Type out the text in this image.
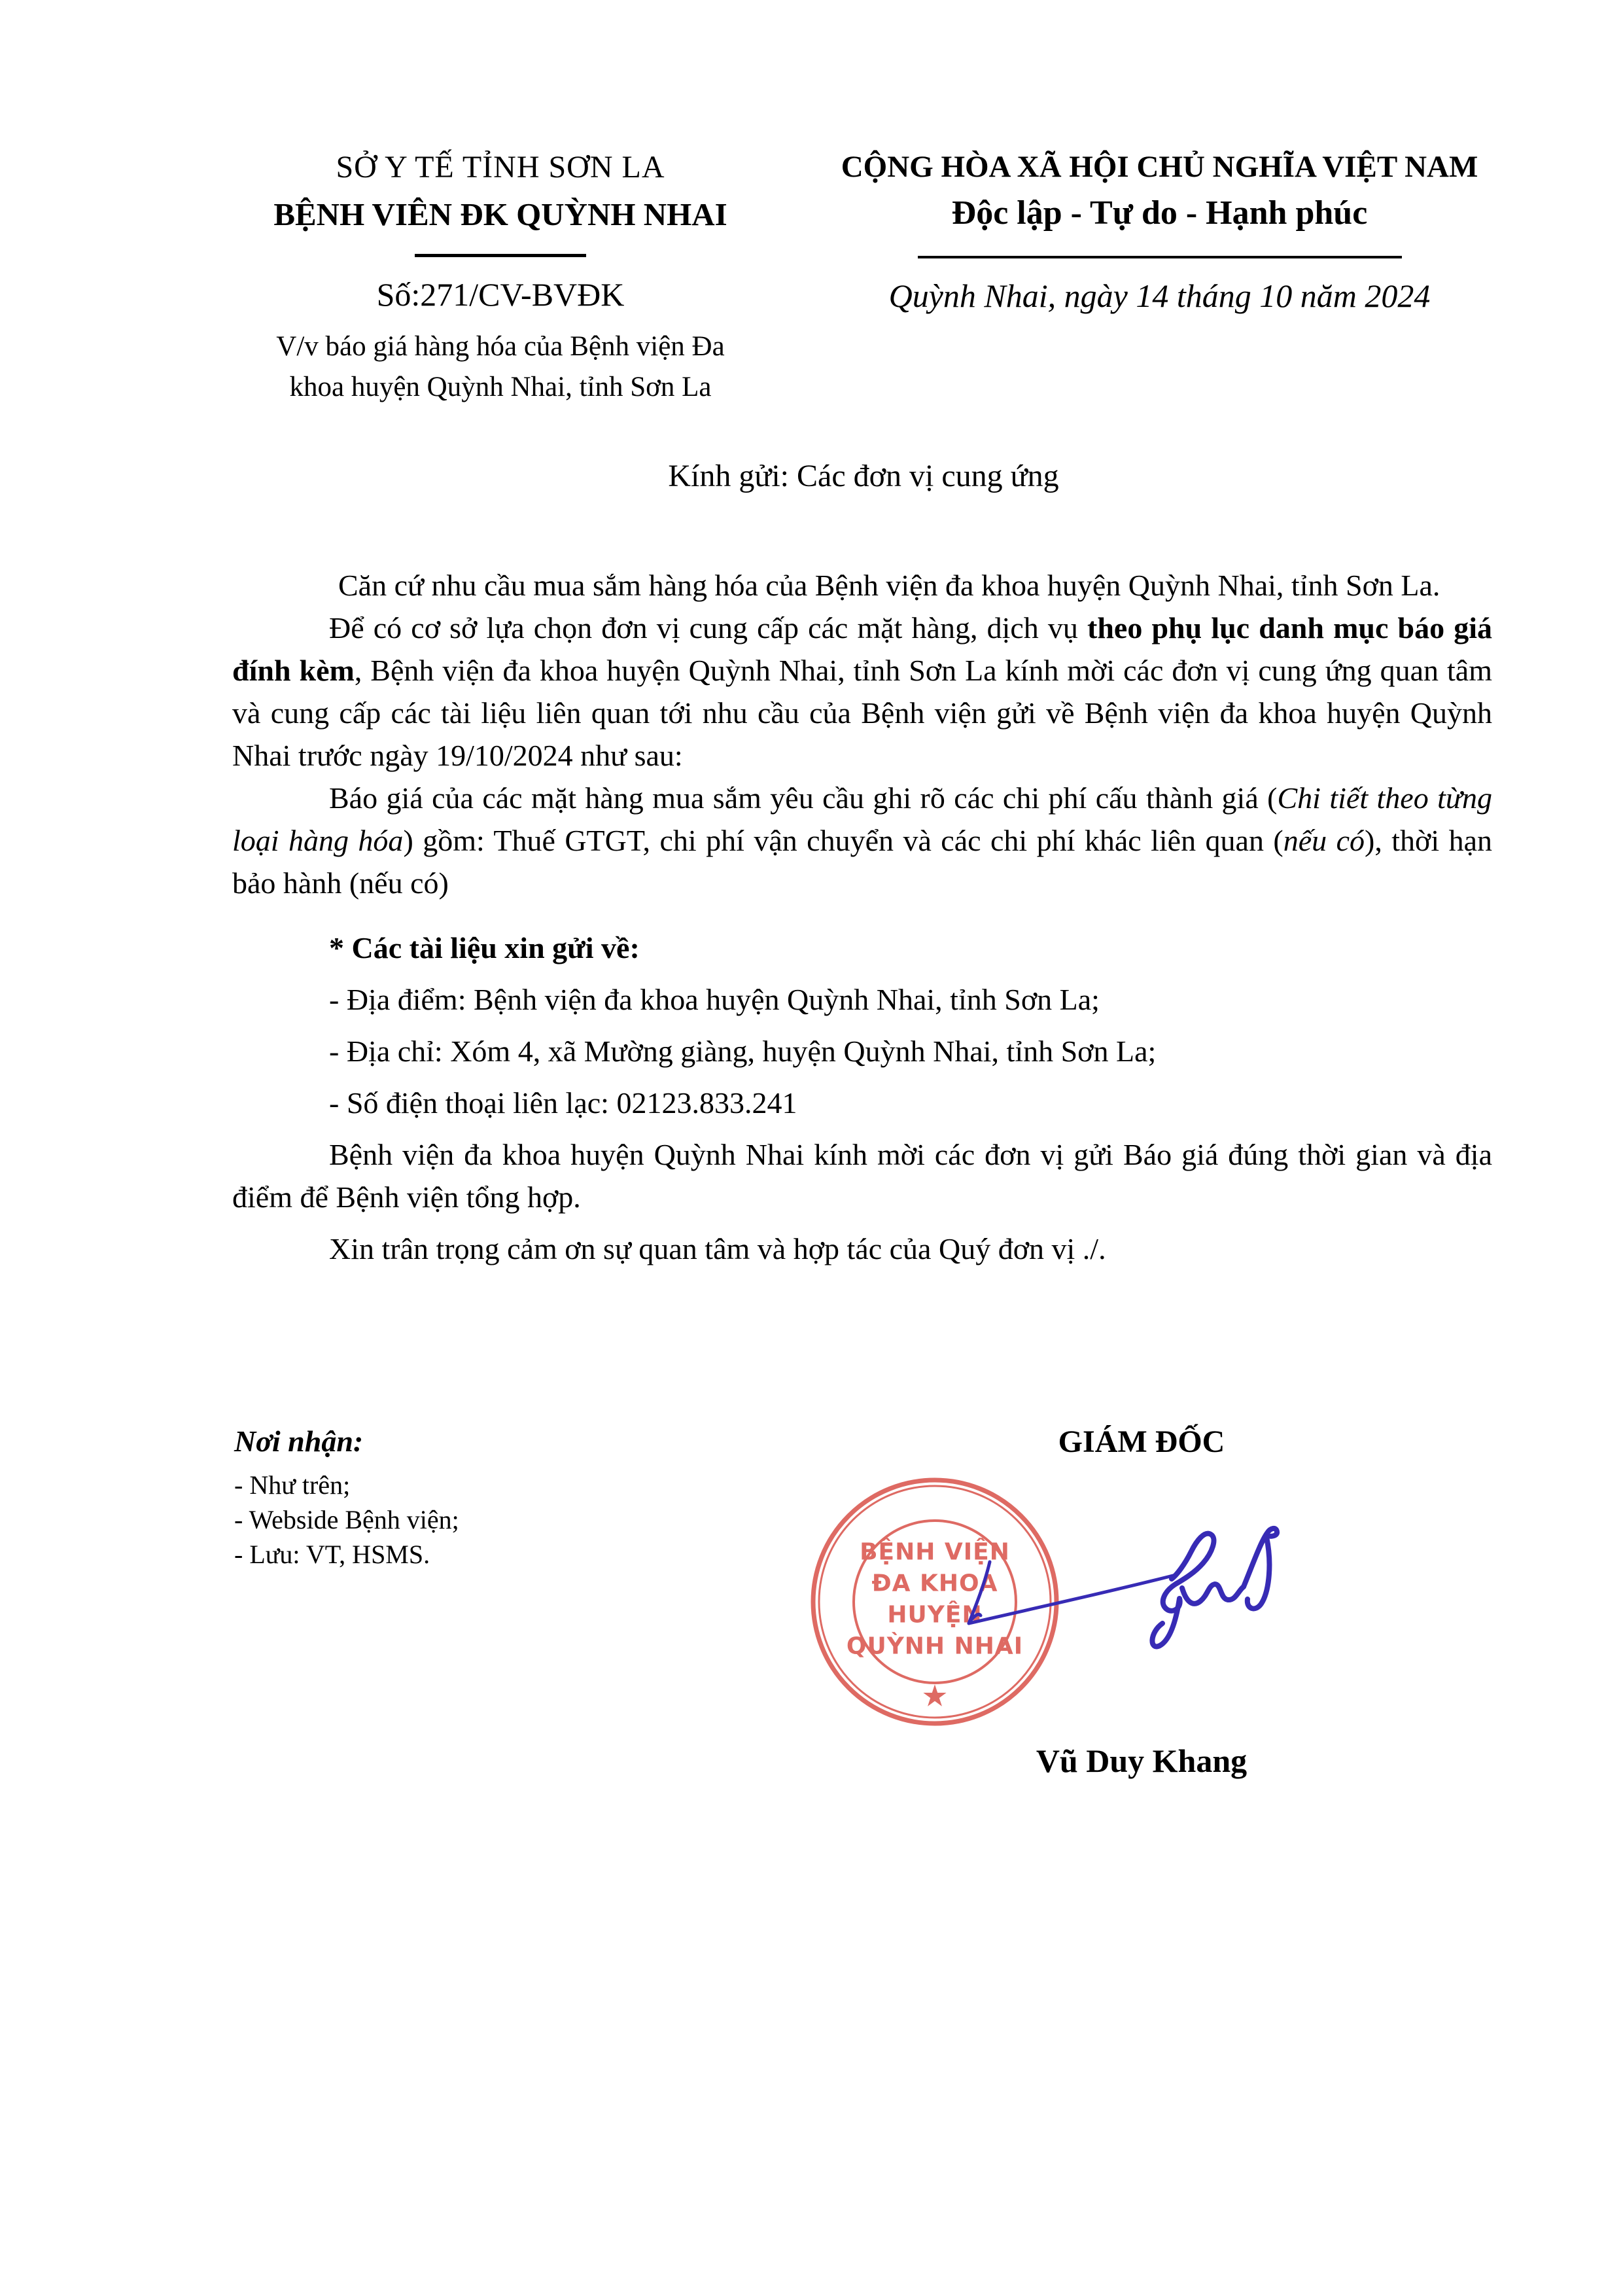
SỞ Y TẾ TỈNH SƠN LA
BỆNH VIÊN ĐK QUỲNH NHAI
Số:271/CV-BVĐK
V/v báo giá hàng hóa của Bệnh viện Đa
khoa huyện Quỳnh Nhai, tỉnh Sơn La
CỘNG HÒA XÃ HỘI CHỦ NGHĨA VIỆT NAM
Độc lập - Tự do - Hạnh phúc
Quỳnh Nhai, ngày 14 tháng 10 năm 2024
Kính gửi: Các đơn vị cung ứng

Căn cứ nhu cầu mua sắm hàng hóa của Bệnh viện đa khoa huyện Quỳnh Nhai, tỉnh Sơn La.

Để có cơ sở lựa chọn đơn vị cung cấp các mặt hàng, dịch vụ theo phụ lục danh mục báo giá đính kèm, Bệnh viện đa khoa huyện Quỳnh Nhai, tỉnh Sơn La kính mời các đơn vị cung ứng quan tâm và cung cấp các tài liệu liên quan tới nhu cầu của Bệnh viện gửi về Bệnh viện đa khoa huyện Quỳnh Nhai trước ngày 19/10/2024 như sau:

Báo giá của các mặt hàng mua sắm yêu cầu ghi rõ các chi phí cấu thành giá (Chi tiết theo từng loại hàng hóa) gồm: Thuế GTGT, chi phí vận chuyển và các chi phí khác liên quan (nếu có), thời hạn bảo hành (nếu có)

* Các tài liệu xin gửi về:

- Địa điểm: Bệnh viện đa khoa huyện Quỳnh Nhai, tỉnh Sơn La;

- Địa chỉ: Xóm 4, xã Mường giàng, huyện Quỳnh Nhai, tỉnh Sơn La;

- Số điện thoại liên lạc: 02123.833.241

Bệnh viện đa khoa huyện Quỳnh Nhai kính mời các đơn vị gửi Báo giá đúng thời gian và địa điểm để Bệnh viện tổng hợp.

Xin trân trọng cảm ơn sự quan tâm và hợp tác của Quý đơn vị ./.

Nơi nhận:
- Như trên;
- Webside Bệnh viện;
- Lưu: VT, HSMS.
GIÁM ĐỐC
BỆNH VIỆN
ĐA KHOA
HUYỆN
QUỲNH NHAI
★
Vũ Duy Khang
